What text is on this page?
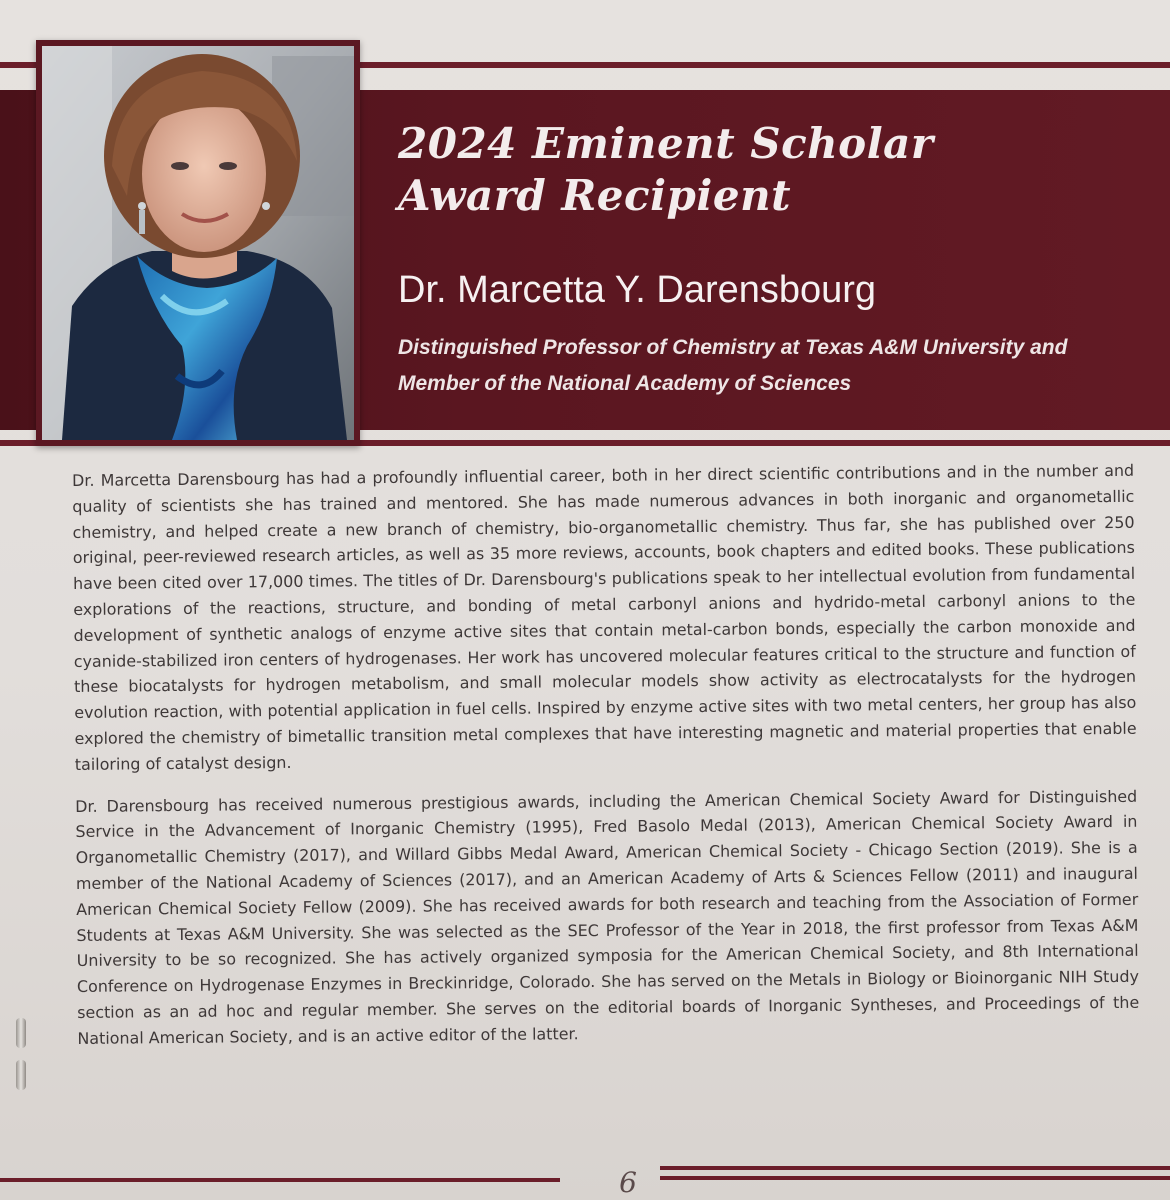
2024 Eminent Scholar
Award Recipient
Dr. Marcetta Y. Darensbourg
Distinguished Professor of Chemistry at Texas A&M University and
Member of the National Academy of Sciences

Dr. Marcetta Darensbourg has had a profoundly influential career, both in her direct scientific contributions and in the number and quality of scientists she has trained and mentored. She has made numerous advances in both inorganic and organometallic chemistry, and helped create a new branch of chemistry, bio-organometallic chemistry. Thus far, she has published over 250 original, peer-reviewed research articles, as well as 35 more reviews, accounts, book chapters and edited books. These publications have been cited over 17,000 times. The titles of Dr. Darensbourg's publications speak to her intellectual evolution from fundamental explorations of the reactions, structure, and bonding of metal carbonyl anions and hydrido-metal carbonyl anions to the development of synthetic analogs of enzyme active sites that contain metal-carbon bonds, especially the carbon monoxide and cyanide-stabilized iron centers of hydrogenases. Her work has uncovered molecular features critical to the structure and function of these biocatalysts for hydrogen metabolism, and small molecular models show activity as electrocatalysts for the hydrogen evolution reaction, with potential application in fuel cells. Inspired by enzyme active sites with two metal centers, her group has also explored the chemistry of bimetallic transition metal complexes that have interesting magnetic and material properties that enable tailoring of catalyst design.

Dr. Darensbourg has received numerous prestigious awards, including the American Chemical Society Award for Distinguished Service in the Advancement of Inorganic Chemistry (1995), Fred Basolo Medal (2013), American Chemical Society Award in Organometallic Chemistry (2017), and Willard Gibbs Medal Award, American Chemical Society - Chicago Section (2019). She is a member of the National Academy of Sciences (2017), and an American Academy of Arts & Sciences Fellow (2011) and inaugural American Chemical Society Fellow (2009). She has received awards for both research and teaching from the Association of Former Students at Texas A&M University. She was selected as the SEC Professor of the Year in 2018, the first professor from Texas A&M University to be so recognized. She has actively organized symposia for the American Chemical Society, and 8th International Conference on Hydrogenase Enzymes in Breckinridge, Colorado. She has served on the Metals in Biology or Bioinorganic NIH Study section as an ad hoc and regular member. She serves on the editorial boards of Inorganic Syntheses, and Proceedings of the National American Society, and is an active editor of the latter.

6
